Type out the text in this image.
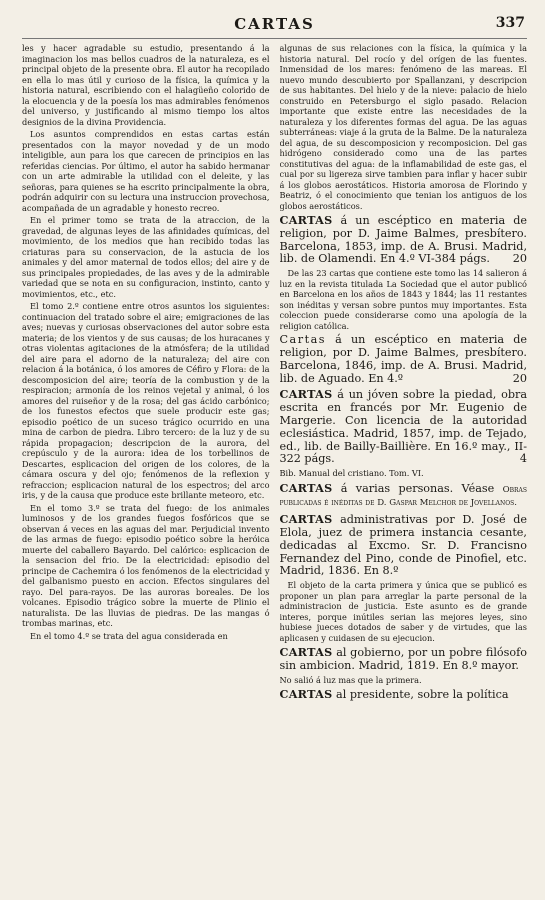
CARTAS	337

les y hacer agradable su estudio, presentando á la imaginacion los mas bellos cuadros de la naturaleza, es el principal objeto de la presente obra. El autor ha recopilado en ella lo mas útil y curioso de la física, la química y la historia natural, escribiendo con el halagüeño colorido de la elocuencia y de la poesía los mas admirables fenómenos del universo, y justificando al mismo tiempo los altos designios de la divina Providencia.

Los asuntos comprendidos en estas cartas están presentados con la mayor novedad y de un modo inteligible, aun para los que carecen de principios en las referidas ciencias. Por último, el autor ha sabido hermanar con un arte admirable la utilidad con el deleite, y las señoras, para quienes se ha escrito principalmente la obra, podrán adquirir con su lectura una instruccion provechosa, acompañada de un agradable y honesto recreo.

En el primer tomo se trata de la atraccion, de la gravedad, de algunas leyes de las afinidades químicas, del movimiento, de los medios que han recibido todas las criaturas para su conservacion, de la astucia de los animales y del amor maternal de todos ellos; del aire y de sus principales propiedades, de las aves y de la admirable variedad que se nota en su configuracion, instinto, canto y movimientos, etc., etc.

El tomo 2.º contiene entre otros asuntos los siguientes: continuacion del tratado sobre el aire; emigraciones de las aves; nuevas y curiosas observaciones del autor sobre esta materia; de los vientos y de sus causas; de los huracanes y otras violentas agitaciones de la atmósfera; de la utilidad del aire para el adorno de la naturaleza; del aire con relacion á la botánica, ó los amores de Céfiro y Flora: de la descomposicion del aire; teoría de la combustion y de la respiracion; armonía de los reinos vejetal y animal, ó los amores del ruiseñor y de la rosa; del gas ácido carbónico; de los funestos efectos que suele producir este gas; episodio poético de un suceso trágico ocurrido en una mina de carbon de piedra. Libro tercero: de la luz y de su rápida propagacion; descripcion de la aurora, del crepúsculo y de la aurora: idea de los torbellinos de Descartes, esplicacion del origen de los colores, de la cámara oscura y del ojo; fenómenos de la reflexion y refraccion; esplicacion natural de los espectros; del arco iris, y de la causa que produce este brillante meteoro, etc.

En el tomo 3.º se trata del fuego: de los animales luminosos y de los grandes fuegos fosfóricos que se observan á veces en las aguas del mar. Perjudicial invento de las armas de fuego: episodio poético sobre la heróica muerte del caballero Bayardo. Del calórico: esplicacion de la sensacion del frio. De la electricidad: episodio del principe de Cachemira ó los fenómenos de la electricidad y del galbanismo puesto en accion. Efectos singulares del rayo. Del para-rayos. De las auroras boreales. De los volcanes. Episodio trágico sobre la muerte de Plinio el naturalista. De las lluvias de piedras. De las mangas ó trombas marinas, etc.

En el tomo 4.º se trata del agua considerada en

algunas de sus relaciones con la física, la química y la historia natural. Del rocío y del orígen de las fuentes. Inmensidad de los mares: fenómeno de las mareas. El nuevo mundo descubierto por Spallanzani, y descripcion de sus habitantes. Del hielo y de la nieve: palacio de hielo construido en Petersburgo el siglo pasado. Relacion importante que existe entre las necesidades de la naturaleza y los diferentes formas del agua. De las aguas subterráneas: viaje á la gruta de la Balme. De la naturaleza del agua, de su descomposicion y recomposicion. Del gas hidrógeno considerado como una de las partes constitutivas del agua: de la inflamabilidad de este gas, el cual por su ligereza sirve tambien para inflar y hacer subir á los globos aerostáticos. Historia amorosa de Florindo y Beatriz, ó el conocimiento que tenian los antiguos de los globos aerostáticos.

CARTAS á un escéptico en materia de religion, por D. Jaime Balmes, presbítero. Barcelona, 1853, imp. de A. Brusi. Madrid, lib. de Olamendi. En 4.º VI-384 págs. 20

De las 23 cartas que contiene este tomo las 14 salieron á luz en la revista titulada La Sociedad que el autor publicó en Barcelona en los años de 1843 y 1844; las 11 restantes son inéditas y versan sobre puntos muy importantes. Esta coleccion puede considerarse como una apología de la religion católica.

Cartas á un escéptico en materia de religion, por D. Jaime Balmes, presbítero. Barcelona, 1846, imp. de A. Brusi. Madrid, lib. de Aguado. En 4.º	20
CARTAS á un jóven sobre la piedad, obra escrita en francés por Mr. Eugenio de Margerie. Con licencia de la autoridad eclesiástica. Madrid, 1857, imp. de Tejado, ed., lib. de Bailly-Baillière. En 16.º may., II-322 págs.	4

Bib. Manual del cristiano. Tom. VI.

CARTAS á varias personas. Véase Obras publicadas é inéditas de D. Gaspar Melchor de Jovellanos.
CARTAS administrativas por D. José de Elola, juez de primera instancia cesante, dedicadas al Excmo. Sr. D. Francisno Fernandez del Pino, conde de Pinofiel, etc. Madrid, 1836. En 8.º

El objeto de la carta primera y única que se publicó es proponer un plan para arreglar la parte personal de la administracion de justicia. Este asunto es de grande interes, porque inútiles serian las mejores leyes, sino hubiese jueces dotados de saber y de virtudes, que las aplicasen y cuidasen de su ejecucion.

CARTAS al gobierno, por un pobre filósofo sin ambicion. Madrid, 1819. En 8.º mayor.

No salió á luz mas que la primera.

CARTAS al presidente, sobre la política
